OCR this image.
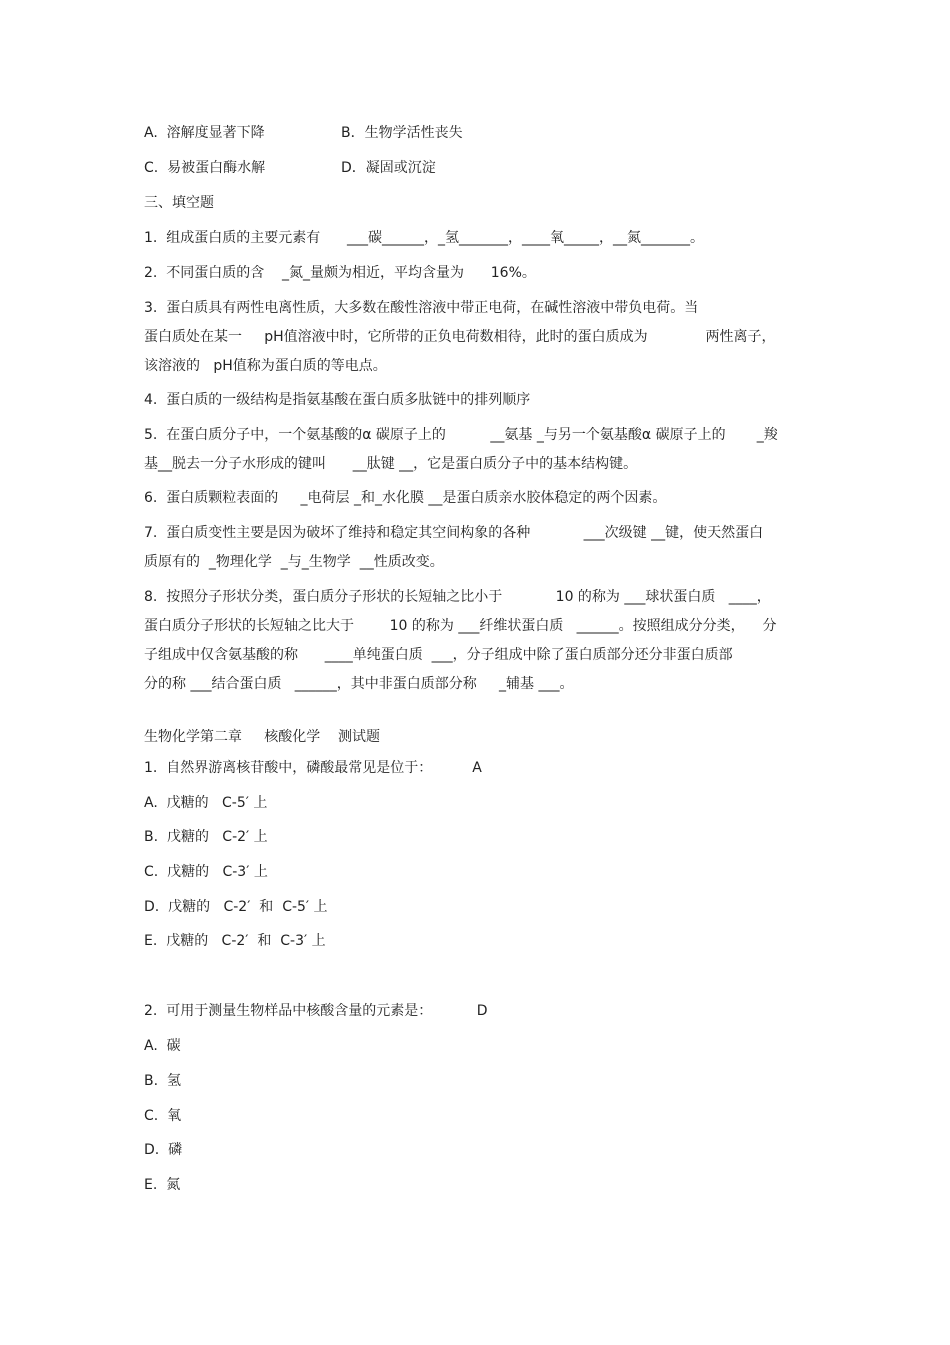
A.  溶解度显著下降
C.  易被蛋白酶水解
三、填空题
1.  组成蛋白质的主要元素有      ___碳______，_氢_______，____氧_____，__氮_______。
2.  不同蛋白质的含    _氮_量颇为相近，平均含量为      16%。
3.  蛋白质具有两性电离性质，大多数在酸性溶液中带正电荷，在碱性溶液中带负电荷。当
蛋白质处在某一     pH值溶液中时，它所带的正负电荷数相待，此时的蛋白质成为             两性离子，
该溶液的   pH值称为蛋白质的等电点。
4.  蛋白质的一级结构是指氨基酸在蛋白质多肽链中的排列顺序
5.  在蛋白质分子中，一个氨基酸的α 碳原子上的          __氨基 _与另一个氨基酸α 碳原子上的       _羧
基__脱去一分子水形成的键叫      __肽键 __，它是蛋白质分子中的基本结构键。
6.  蛋白质颗粒表面的     _电荷层 _和_水化膜 __是蛋白质亲水胶体稳定的两个因素。
7.  蛋白质变性主要是因为破坏了维持和稳定其空间构象的各种            ___次级键 __键，使天然蛋白
质原有的  _物理化学  _与_生物学  __性质改变。
8.  按照分子形状分类，蛋白质分子形状的长短轴之比小于            10 的称为 ___球状蛋白质   ____，
蛋白质分子形状的长短轴之比大于        10 的称为 ___纤维状蛋白质   ______。按照组成分分类，    分
子组成中仅含氨基酸的称      ____单纯蛋白质  ___，分子组成中除了蛋白质部分还分非蛋白质部
分的称 ___结合蛋白质   ______，其中非蛋白质部分称     _辅基 ___。
生物化学第二章     核酸化学    测试题
1.  自然界游离核苷酸中，磷酸最常见是位于：         A
A.  戊糖的   C-5′ 上
B.  戊糖的   C-2′ 上
C.  戊糖的   C-3′ 上
D.  戊糖的   C-2′  和  C-5′ 上
E.  戊糖的   C-2′  和  C-3′ 上
2.  可用于测量生物样品中核酸含量的元素是：          D
A.  碳
B.  氢
C.  氧
D.  磷
E.  氮
B．生物学活性丧失
D．凝固或沉淀
